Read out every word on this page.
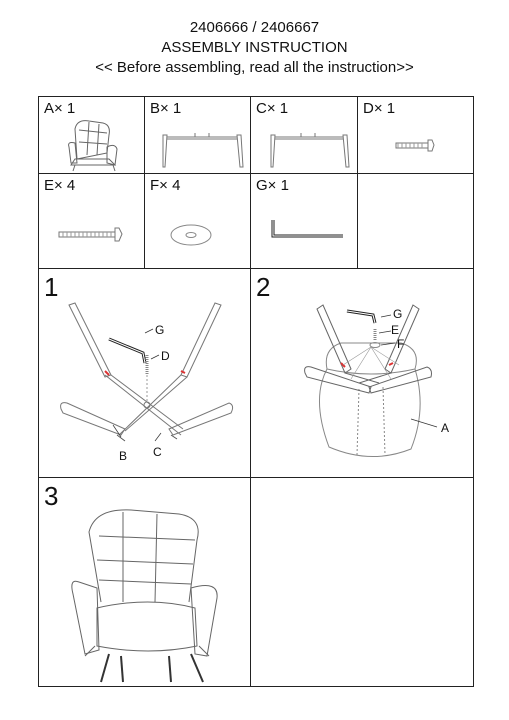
2406666 / 2406667
ASSEMBLY INSTRUCTION
<< Before assembling, read all the instruction>>
A× 1	B× 1	C× 1	D× 1
E× 4	F× 4	G× 1
1
G
D
B C
2
G
E
F
A
3
